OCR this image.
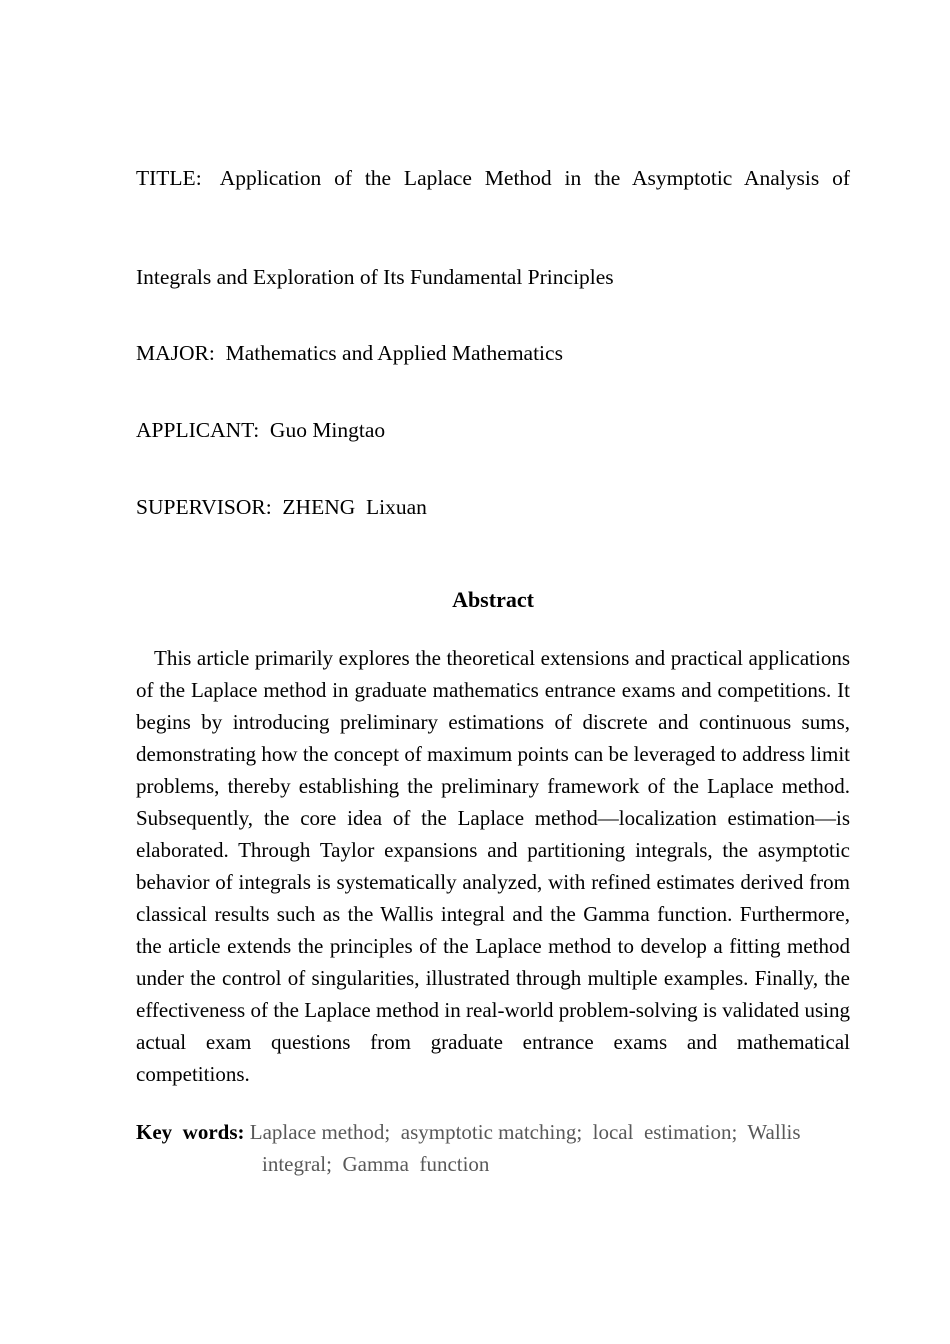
TITLE:   Application  of  the  Laplace  Method  in  the  Asymptotic  Analysis  of
Integrals and Exploration of Its Fundamental Principles
MAJOR:  Mathematics and Applied Mathematics
APPLICANT:  Guo Mingtao
SUPERVISOR:  ZHENG  Lixuan
Abstract

This article primarily explores the theoretical extensions and practical applications of the Laplace method in graduate mathematics entrance exams and competitions. It begins by introducing preliminary estimations of discrete and continuous sums, demonstrating how the concept of maximum points can be leveraged to address limit problems, thereby establishing the preliminary framework of the Laplace method. Subsequently, the core idea of the Laplace method—localization estimation—is elaborated. Through Taylor expansions and partitioning integrals, the asymptotic behavior of integrals is systematically analyzed, with refined estimates derived from classical results such as the Wallis integral and the Gamma function. Furthermore, the article extends the principles of the Laplace method to develop a fitting method under the control of singularities, illustrated through multiple examples. Finally, the effectiveness of the Laplace method in real-world problem-solving is validated using actual exam questions from graduate entrance exams and mathematical competitions.

Key  words: Laplace method;  asymptotic matching;  local  estimation;  Wallis
integral;  Gamma  function
